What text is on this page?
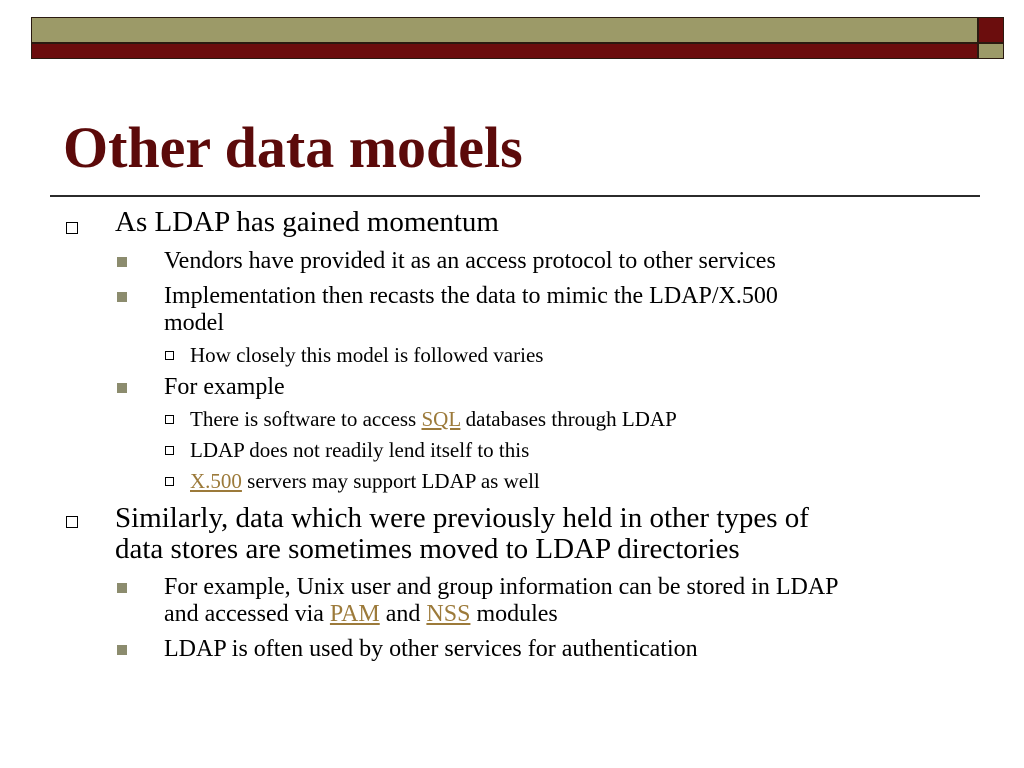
Other data models
As LDAP has gained momentum
Vendors have provided it as an access protocol to other services
Implementation then recasts the data to mimic the LDAP/X.500
model
How closely this model is followed varies
For example
There is software to access SQL databases through LDAP
LDAP does not readily lend itself to this
X.500 servers may support LDAP as well
Similarly, data which were previously held in other types of
data stores are sometimes moved to LDAP directories
For example, Unix user and group information can be stored in LDAP
and accessed via PAM and NSS modules
LDAP is often used by other services for authentication
